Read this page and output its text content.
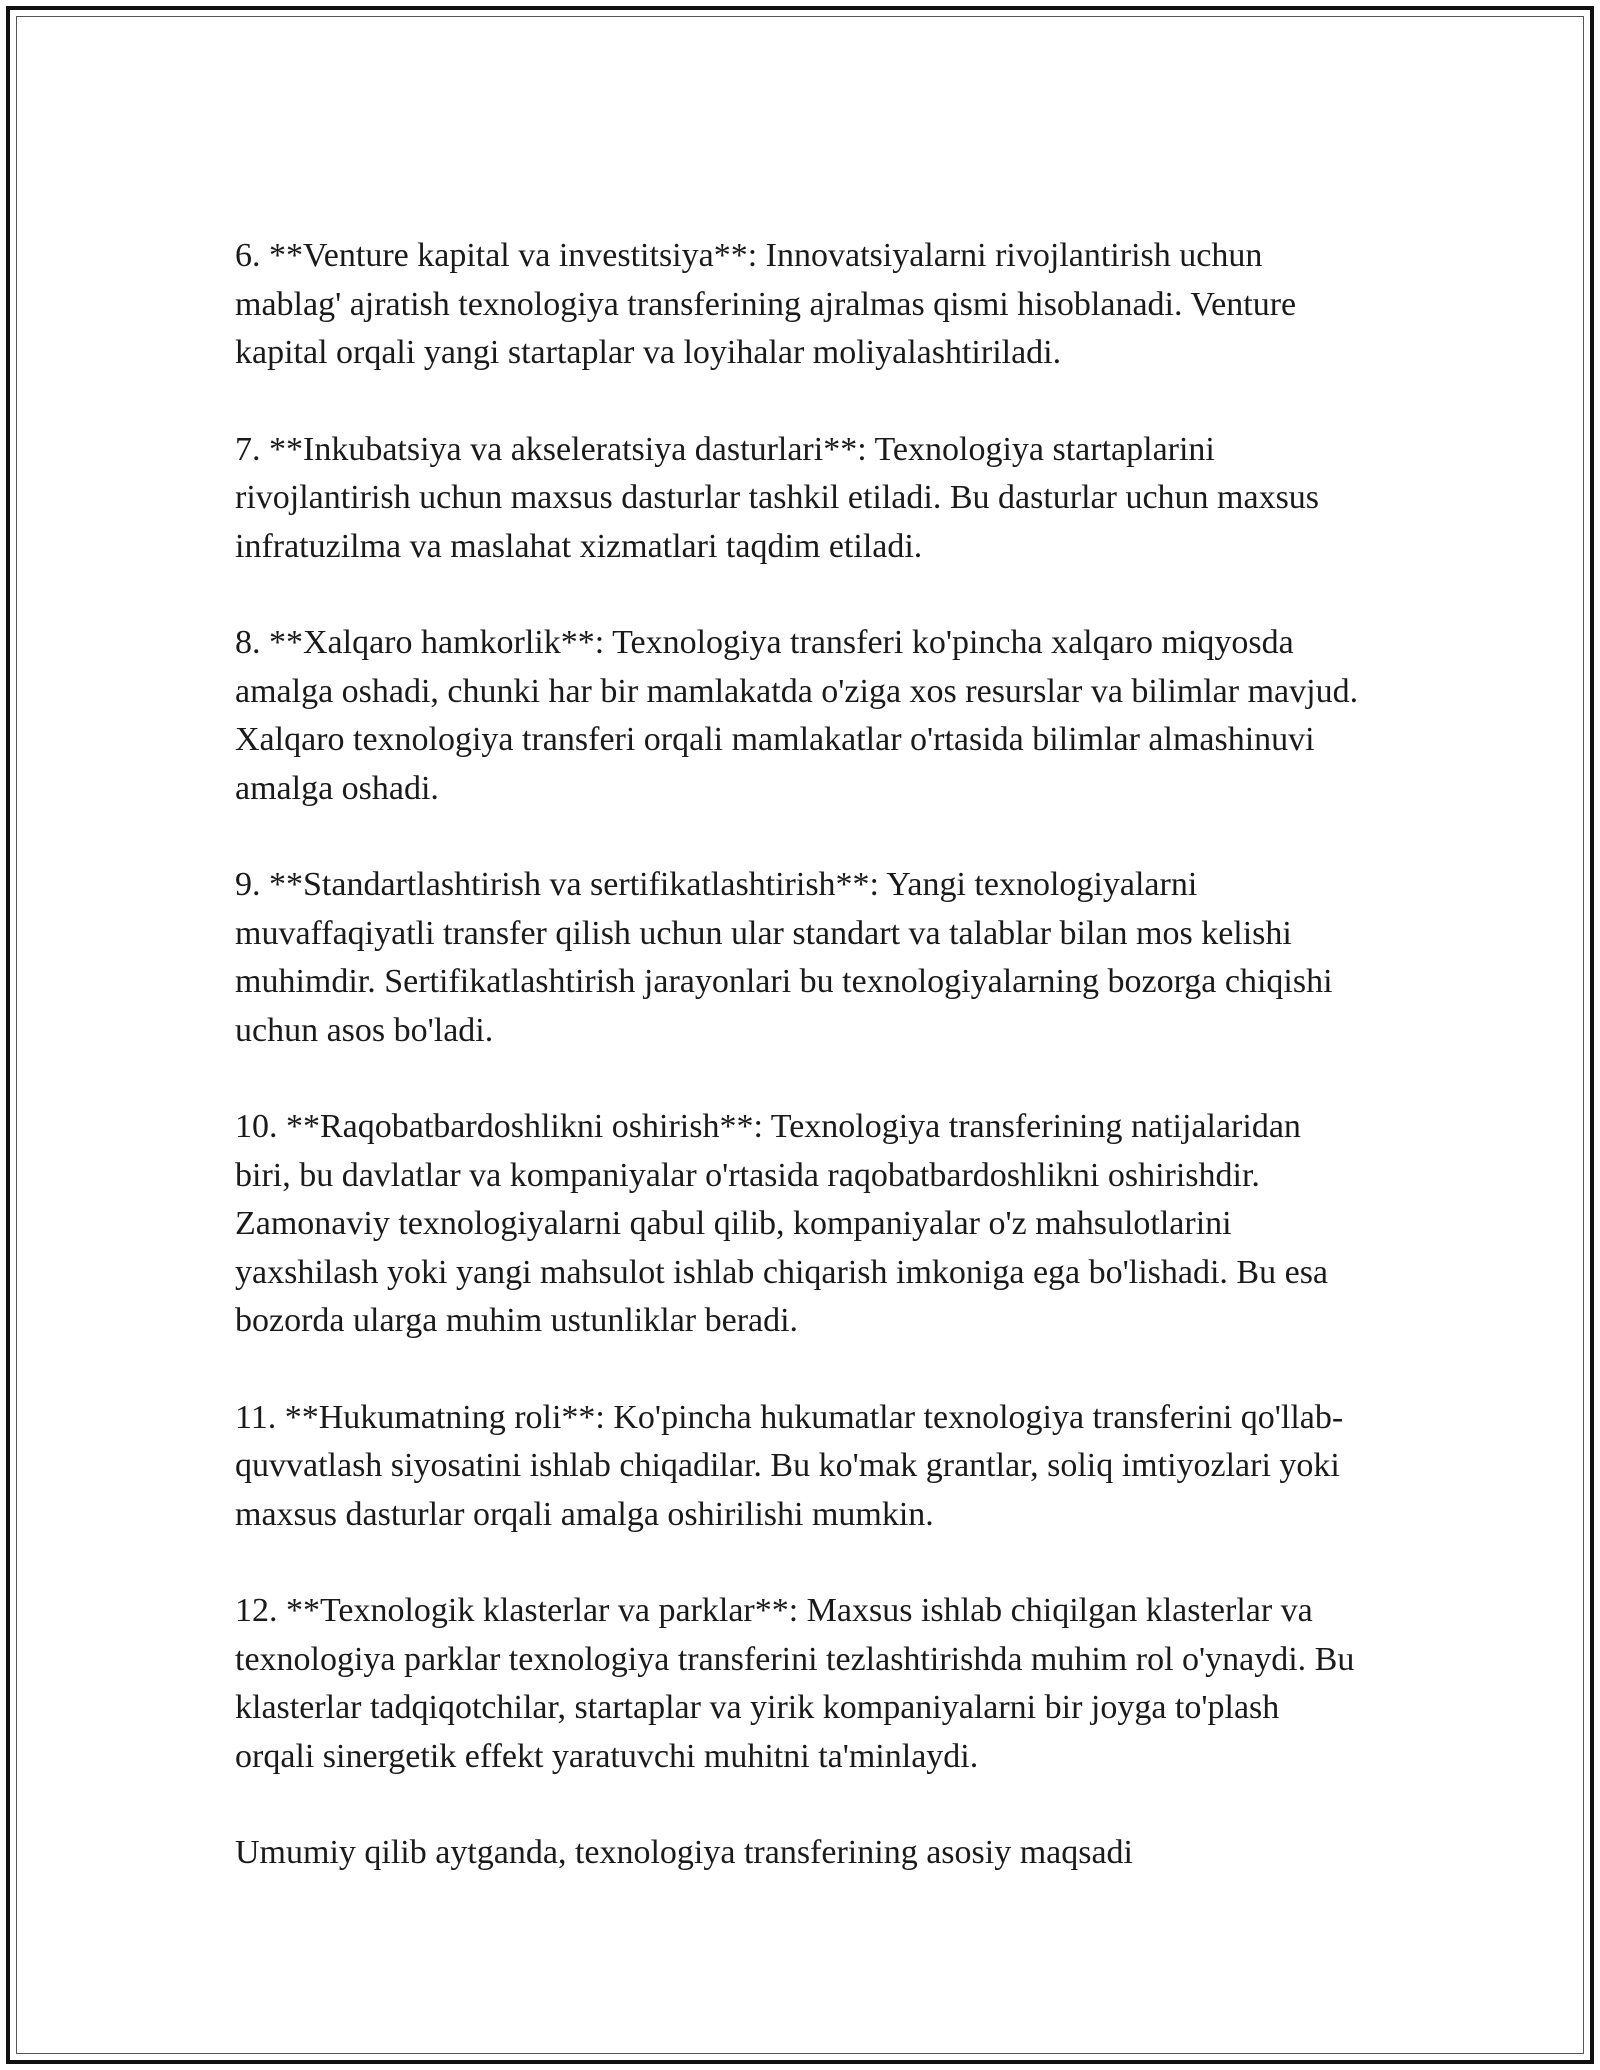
6. **Venture kapital va investitsiya**: Innovatsiyalarni rivojlantirish uchun mablag' ajratish texnologiya transferining ajralmas qismi hisoblanadi. Venture kapital orqali yangi startaplar va loyihalar moliyalashtiriladi.

7. **Inkubatsiya va akseleratsiya dasturlari**: Texnologiya startaplarini rivojlantirish uchun maxsus dasturlar tashkil etiladi. Bu dasturlar uchun maxsus infratuzilma va maslahat xizmatlari taqdim etiladi.

8. **Xalqaro hamkorlik**: Texnologiya transferi ko'pincha xalqaro miqyosda amalga oshadi, chunki har bir mamlakatda o'ziga xos resurslar va bilimlar mavjud. Xalqaro texnologiya transferi orqali mamlakatlar o'rtasida bilimlar almashinuvi amalga oshadi.

9. **Standartlashtirish va sertifikatlashtirish**: Yangi texnologiyalarni muvaffaqiyatli transfer qilish uchun ular standart va talablar bilan mos kelishi muhimdir. Sertifikatlashtirish jarayonlari bu texnologiyalarning bozorga chiqishi uchun asos bo'ladi.

10. **Raqobatbardoshlikni oshirish**: Texnologiya transferining natijalaridan biri, bu davlatlar va kompaniyalar o'rtasida raqobatbardoshlikni oshirishdir. Zamonaviy texnologiyalarni qabul qilib, kompaniyalar o'z mahsulotlarini yaxshilash yoki yangi mahsulot ishlab chiqarish imkoniga ega bo'lishadi. Bu esa bozorda ularga muhim ustunliklar beradi.

11. **Hukumatning roli**: Ko'pincha hukumatlar texnologiya transferini qo'llab-quvvatlash siyosatini ishlab chiqadilar. Bu ko'mak grantlar, soliq imtiyozlari yoki maxsus dasturlar orqali amalga oshirilishi mumkin.

12. **Texnologik klasterlar va parklar**: Maxsus ishlab chiqilgan klasterlar va texnologiya parklar texnologiya transferini tezlashtirishda muhim rol o'ynaydi. Bu klasterlar tadqiqotchilar, startaplar va yirik kompaniyalarni bir joyga to'plash orqali sinergetik effekt yaratuvchi muhitni ta'minlaydi.

Umumiy qilib aytganda, texnologiya transferining asosiy maqsadi
